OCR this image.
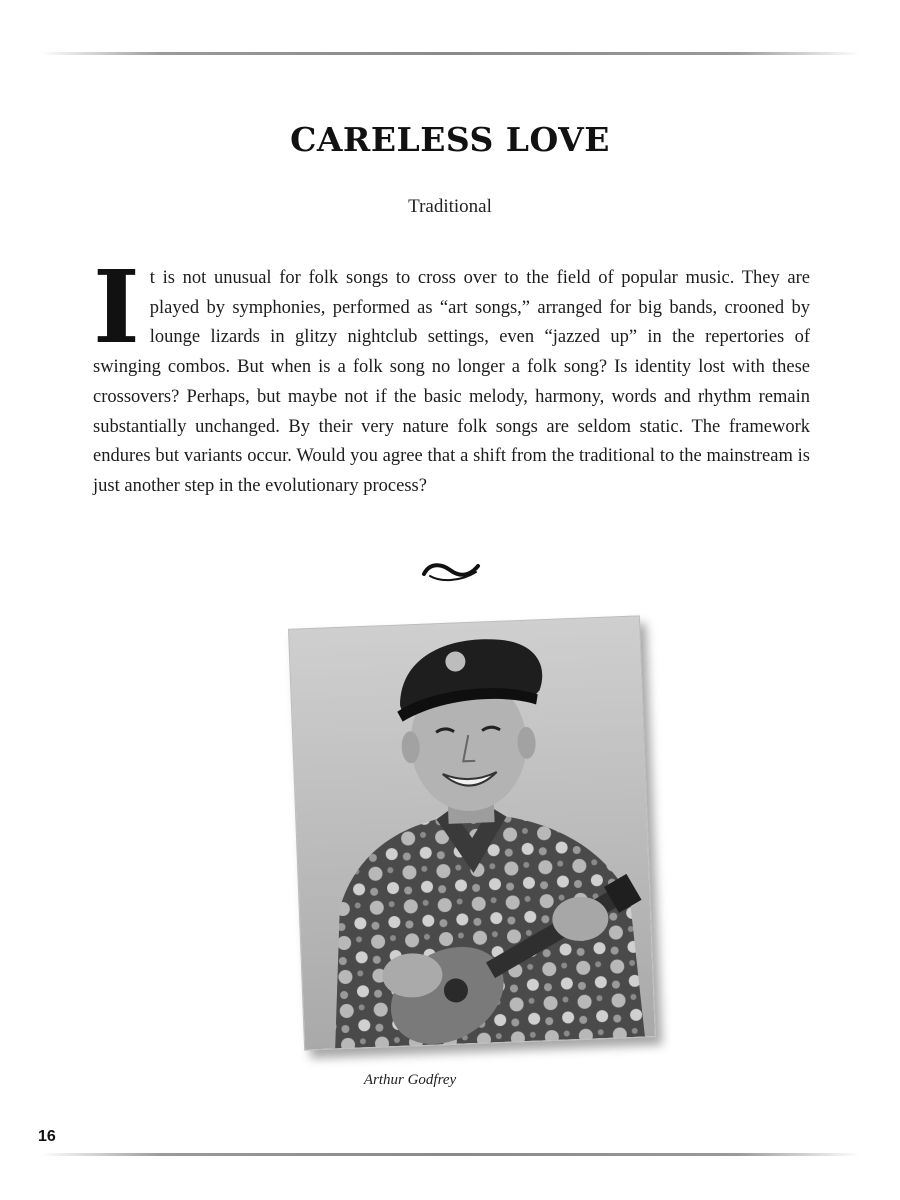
CARELESS LOVE

Traditional

It is not unusual for folk songs to cross over to the field of popular music. They are played by symphonies, performed as “art songs,” arranged for big bands, crooned by lounge lizards in glitzy nightclub settings, even “jazzed up” in the repertories of swinging combos. But when is a folk song no longer a folk song? Is identity lost with these crossovers? Perhaps, but maybe not if the basic melody, harmony, words and rhythm remain substantially unchanged. By their very nature folk songs are seldom static. The framework endures but variants occur. Would you agree that a shift from the traditional to the mainstream is just another step in the evolutionary process?

Arthur Godfrey

16
